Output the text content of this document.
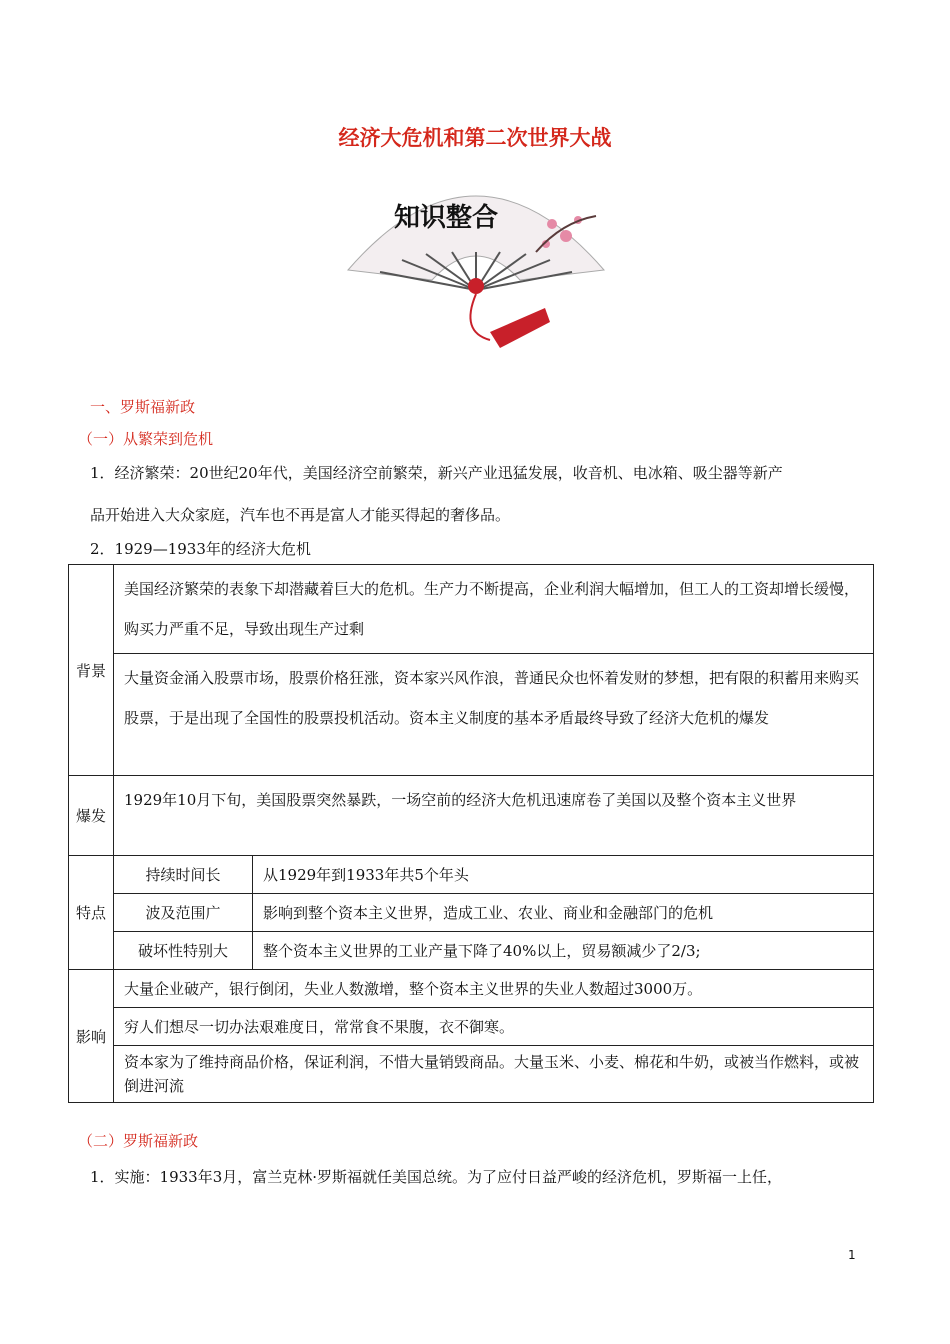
经济大危机和第二次世界大战
知识整合
一、罗斯福新政
（一）从繁荣到危机
1．经济繁荣：20世纪20年代，美国经济空前繁荣，新兴产业迅猛发展，收音机、电冰箱、吸尘器等新产
品开始进入大众家庭，汽车也不再是富人才能买得起的奢侈品。
2．1929—1933年的经济大危机
背景	美国经济繁荣的表象下却潜藏着巨大的危机。生产力不断提高，企业利润大幅增加，但工人的工资却增长缓慢，购买力严重不足，导致出现生产过剩	
	大量资金涌入股票市场，股票价格狂涨，资本家兴风作浪，普通民众也怀着发财的梦想，把有限的积蓄用来购买股票，于是出现了全国性的股票投机活动。资本主义制度的基本矛盾最终导致了经济大危机的爆发	
爆发	1929年10月下旬，美国股票突然暴跌，一场空前的经济大危机迅速席卷了美国以及整个资本主义世界	
特点	持续时间长	从1929年到1933年共5个年头
	波及范围广	影响到整个资本主义世界，造成工业、农业、商业和金融部门的危机
	破坏性特别大	整个资本主义世界的工业产量下降了40%以上，贸易额减少了2/3;
影响	大量企业破产，银行倒闭，失业人数激增，整个资本主义世界的失业人数超过3000万。	
	穷人们想尽一切办法艰难度日，常常食不果腹，衣不御寒。	
	资本家为了维持商品价格，保证利润，不惜大量销毁商品。大量玉米、小麦、棉花和牛奶，或被当作燃料，或被倒进河流	
（二）罗斯福新政
1．实施：1933年3月，富兰克林·罗斯福就任美国总统。为了应付日益严峻的经济危机，罗斯福一上任，
1
